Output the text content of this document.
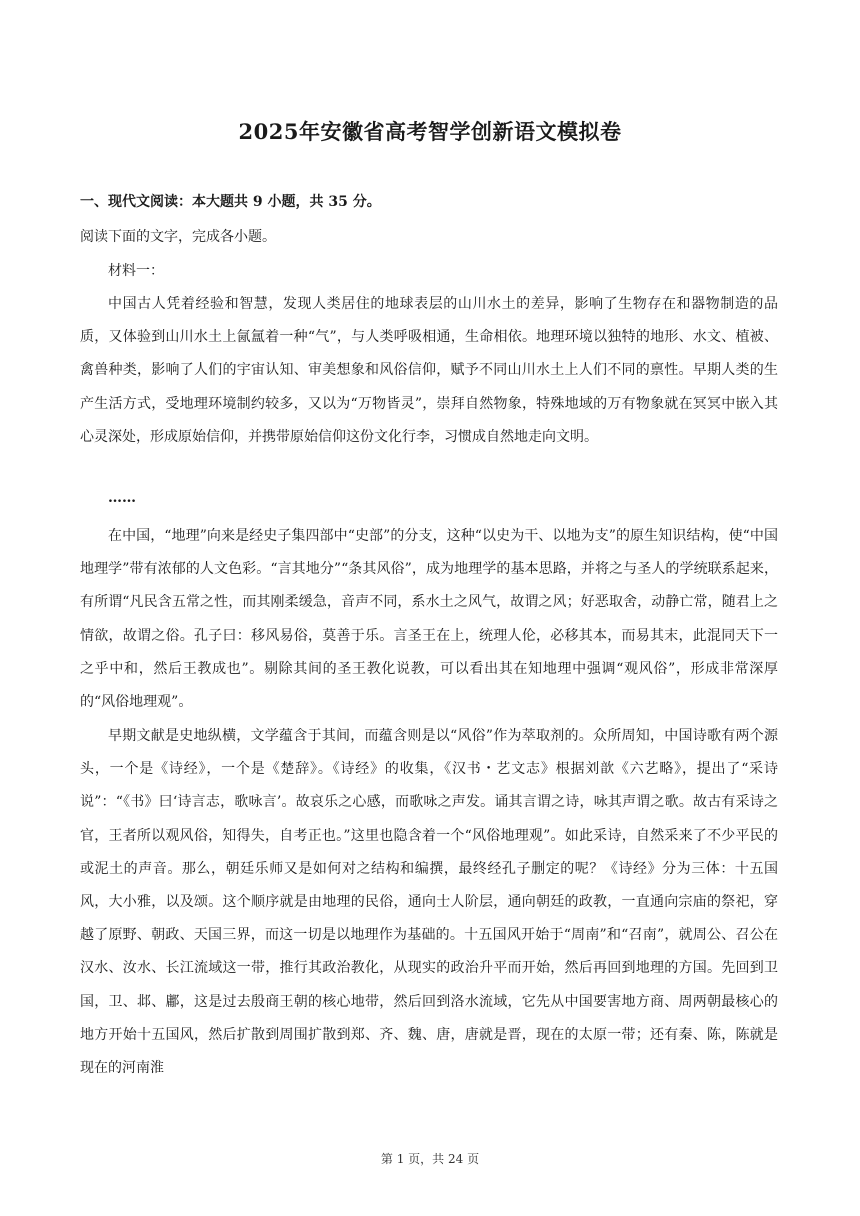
2025年安徽省高考智学创新语文模拟卷
一、现代文阅读：本大题共 9 小题，共 35 分。
阅读下面的文字，完成各小题。
材料一：

中国古人凭着经验和智慧，发现人类居住的地球表层的山川水土的差异，影响了生物存在和器物制造的品质，又体验到山川水土上氤氲着一种“气”，与人类呼吸相通，生命相依。地理环境以独特的地形、水文、植被、禽兽种类，影响了人们的宇宙认知、审美想象和风俗信仰，赋予不同山川水土上人们不同的禀性。早期人类的生产生活方式，受地理环境制约较多，又以为“万物皆灵”，崇拜自然物象，特殊地域的万有物象就在冥冥中嵌入其心灵深处，形成原始信仰，并携带原始信仰这份文化行李，习惯成自然地走向文明。

……

在中国，“地理”向来是经史子集四部中“史部”的分支，这种“以史为干、以地为支”的原生知识结构，使“中国地理学”带有浓郁的人文色彩。“言其地分”“条其风俗”，成为地理学的基本思路，并将之与圣人的学统联系起来，有所谓“凡民含五常之性，而其刚柔缓急，音声不同，系水土之风气，故谓之风；好恶取舍，动静亡常，随君上之情欲，故谓之俗。孔子曰：移风易俗，莫善于乐。言圣王在上，统理人伦，必移其本，而易其末，此混同天下一之乎中和，然后王教成也”。剔除其间的圣王教化说教，可以看出其在知地理中强调“观风俗”，形成非常深厚的“风俗地理观”。

早期文献是史地纵横，文学蕴含于其间，而蕴含则是以“风俗”作为萃取剂的。众所周知，中国诗歌有两个源头，一个是《诗经》，一个是《楚辞》。《诗经》的收集，《汉书・艺文志》根据刘歆《六艺略》，提出了“采诗说”：“《书》曰‘诗言志，歌咏言’。故哀乐之心感，而歌咏之声发。诵其言谓之诗，咏其声谓之歌。故古有采诗之官，王者所以观风俗，知得失，自考正也。”这里也隐含着一个“风俗地理观”。如此采诗，自然采来了不少平民的或泥土的声音。那么，朝廷乐师又是如何对之结构和编撰，最终经孔子删定的呢？《诗经》分为三体：十五国风，大小雅，以及颂。这个顺序就是由地理的民俗，通向士人阶层，通向朝廷的政教，一直通向宗庙的祭祀，穿越了原野、朝政、天国三界，而这一切是以地理作为基础的。十五国风开始于“周南”和“召南”，就周公、召公在汉水、汝水、长江流域这一带，推行其政治教化，从现实的政治升平而开始，然后再回到地理的方国。先回到卫国，卫、邶、鄘，这是过去殷商王朝的核心地带，然后回到洛水流域，它先从中国要害地方商、周两朝最核心的地方开始十五国风，然后扩散到周围扩散到郑、齐、魏、唐，唐就是晋，现在的太原一带；还有秦、陈，陈就是现在的河南淮

第 1 页，共 24 页
